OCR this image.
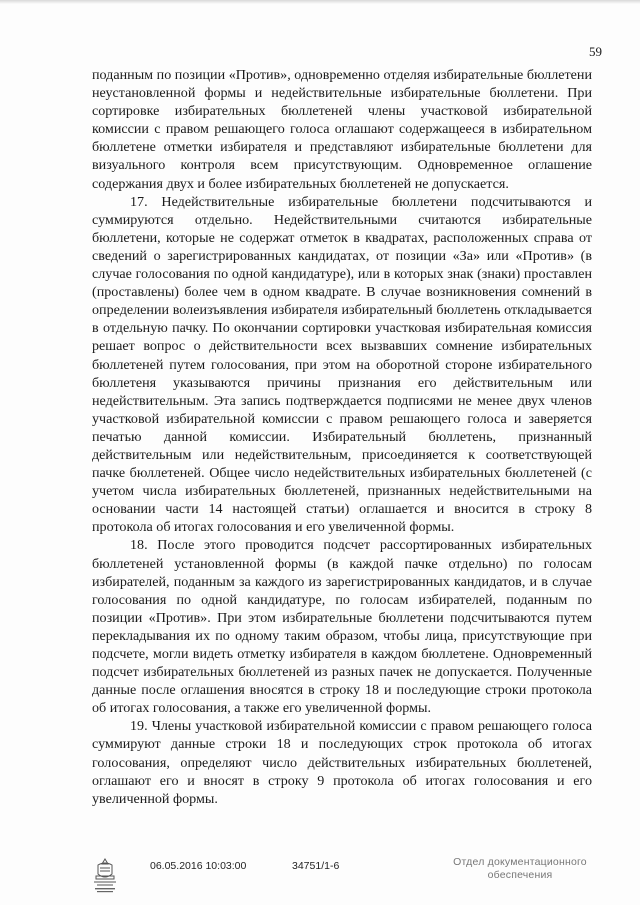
59

поданным по позиции «Против», одновременно отделяя избирательные бюллетени неустановленной формы и недействительные избирательные бюллетени. При сортировке избирательных бюллетеней члены участковой избирательной комиссии с правом решающего голоса оглашают содержащееся в избирательном бюллетене отметки избирателя и представляют избирательные бюллетени для визуального контроля всем присутствующим. Одновременное оглашение содержания двух и более избирательных бюллетеней не допускается.

17. Недействительные избирательные бюллетени подсчитываются и суммируются отдельно. Недействительными считаются избирательные бюллетени, которые не содержат отметок в квадратах, расположенных справа от сведений о зарегистрированных кандидатах, от позиции «За» или «Против» (в случае голосования по одной кандидатуре), или в которых знак (знаки) проставлен (проставлены) более чем в одном квадрате. В случае возникновения сомнений в определении волеизъявления избирателя избирательный бюллетень откладывается в отдельную пачку. По окончании сортировки участковая избирательная комиссия решает вопрос о действительности всех вызвавших сомнение избирательных бюллетеней путем голосования, при этом на оборотной стороне избирательного бюллетеня указываются причины признания его действительным или недействительным. Эта запись подтверждается подписями не менее двух членов участковой избирательной комиссии с правом решающего голоса и заверяется печатью данной комиссии. Избирательный бюллетень, признанный действительным или недействительным, присоединяется к соответствующей пачке бюллетеней. Общее число недействительных избирательных бюллетеней (с учетом числа избирательных бюллетеней, признанных недействительными на основании части 14 настоящей статьи) оглашается и вносится в строку 8 протокола об итогах голосования и его увеличенной формы.

18. После этого проводится подсчет рассортированных избирательных бюллетеней установленной формы (в каждой пачке отдельно) по голосам избирателей, поданным за каждого из зарегистрированных кандидатов, и в случае голосования по одной кандидатуре, по голосам избирателей, поданным по позиции «Против». При этом избирательные бюллетени подсчитываются путем перекладывания их по одному таким образом, чтобы лица, присутствующие при подсчете, могли видеть отметку избирателя в каждом бюллетене. Одновременный подсчет избирательных бюллетеней из разных пачек не допускается. Полученные данные после оглашения вносятся в строку 18 и последующие строки протокола об итогах голосования, а также его увеличенной формы.

19. Члены участковой избирательной комиссии с правом решающего голоса суммируют данные строки 18 и последующих строк протокола об итогах голосования, определяют число действительных избирательных бюллетеней, оглашают его и вносят в строку 9 протокола об итогах голосования и его увеличенной формы.

06.05.2016 10:03:00	34751/1-6	Отдел документационного
обеспечения
